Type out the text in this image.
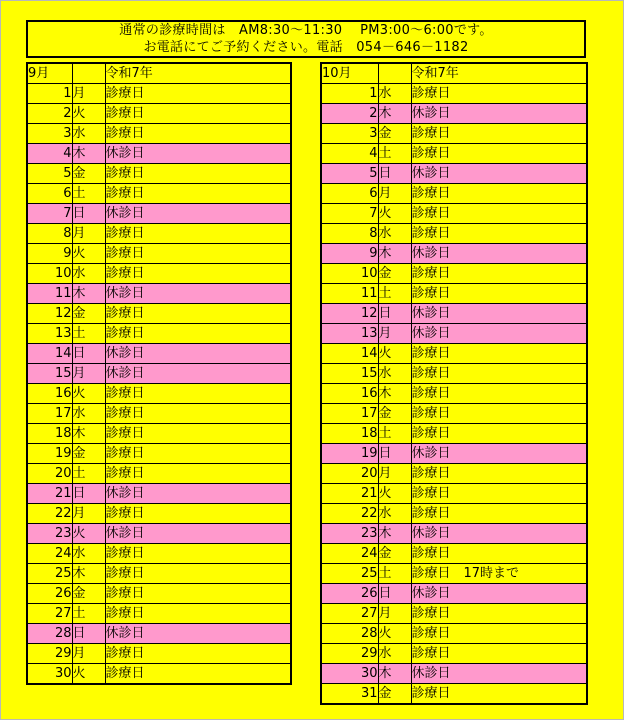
通常の診療時間は　AM8:30～11:30　 PM3:00～6:00です。
お電話にてご予約ください。電話　054－646－1182
9月		令和7年
1	月	診療日
2	火	診療日
3	水	診療日
4	木	休診日
5	金	診療日
6	土	診療日
7	日	休診日
8	月	診療日
9	火	診療日
10	水	診療日
11	木	休診日
12	金	診療日
13	土	診療日
14	日	休診日
15	月	休診日
16	火	診療日
17	水	診療日
18	木	診療日
19	金	診療日
20	土	診療日
21	日	休診日
22	月	診療日
23	火	休診日
24	水	診療日
25	木	診療日
26	金	診療日
27	土	診療日
28	日	休診日
29	月	診療日
30	火	診療日
10月		令和7年
1	水	診療日
2	木	休診日
3	金	診療日
4	土	診療日
5	日	休診日
6	月	診療日
7	火	診療日
8	水	診療日
9	木	休診日
10	金	診療日
11	土	診療日
12	日	休診日
13	月	休診日
14	火	診療日
15	水	診療日
16	木	診療日
17	金	診療日
18	土	診療日
19	日	休診日
20	月	診療日
21	火	診療日
22	水	診療日
23	木	休診日
24	金	診療日
25	土	診療日　17時まで
26	日	休診日
27	月	診療日
28	火	診療日
29	水	診療日
30	木	休診日
31	金	診療日
